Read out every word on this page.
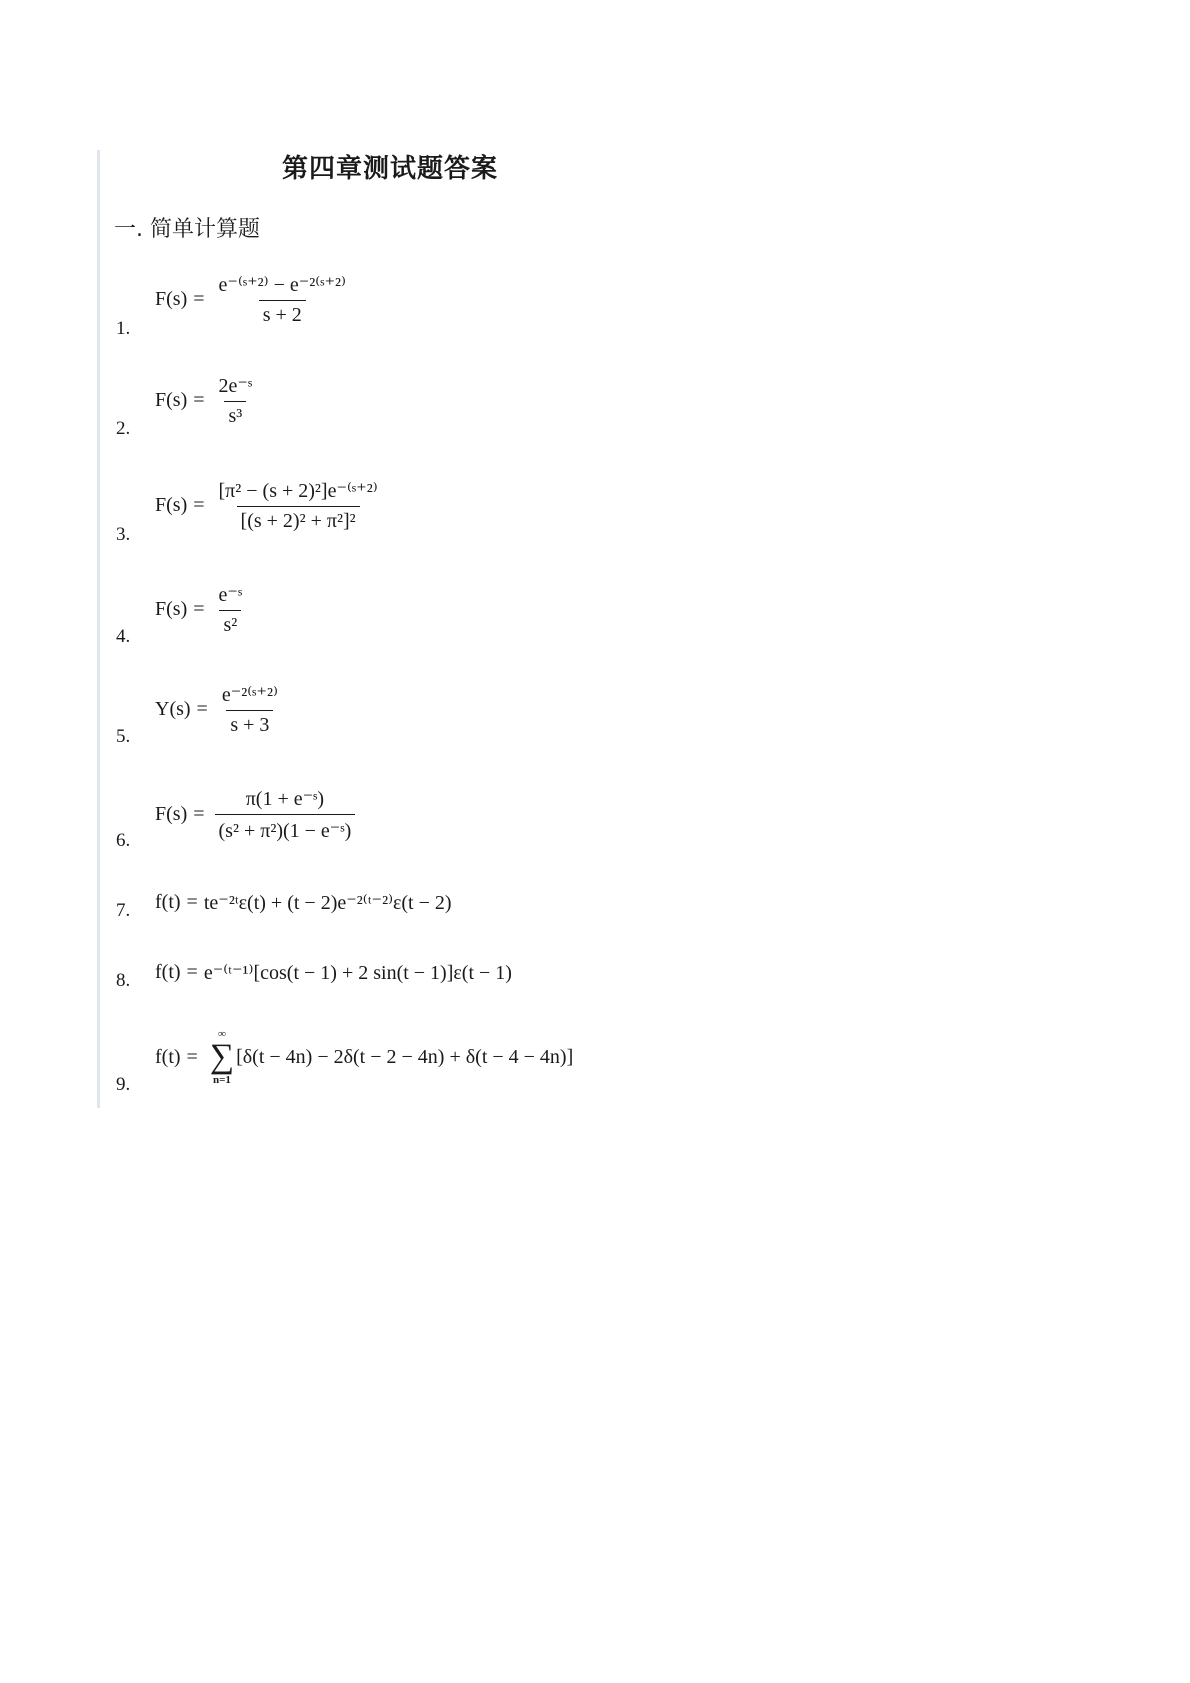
第四章测试题答案
一. 简单计算题
1.
$F(s) = \frac{\text{e⁻⁽ˢ⁺²⁾ − e⁻²⁽ˢ⁺²⁾}}{s + 2}$
2.
$F(s) = \frac{\text{2e⁻ˢ}}{\text{s³}}$
3.
$F(s) = \frac{\text{[π² − (s + 2)²]e⁻⁽ˢ⁺²⁾}}{\text{[(s + 2)² + π²]²}}$
4.
$F(s) = \frac{\text{e⁻ˢ}}{\text{s²}}$
5.
$Y(s) = \frac{\text{e⁻²⁽ˢ⁺²⁾}}{s + 3}$
6.
$F(s) = \frac{\text{π(1 + e⁻ˢ)}}{\text{(s² + π²)(1 − e⁻ˢ)}}$
7. f(t) = te⁻²ᵗε(t) + (t − 2)e⁻²⁽ᵗ⁻²⁾ε(t − 2)
8. f(t) = e⁻⁽ᵗ⁻¹⁾[cos(t − 1) + 2 sin(t − 1)]ε(t − 1)
9.
f(t) =
∞
∑
n=1
[δ(t − 4n) − 2δ(t − 2 − 4n) + δ(t − 4 − 4n)]
